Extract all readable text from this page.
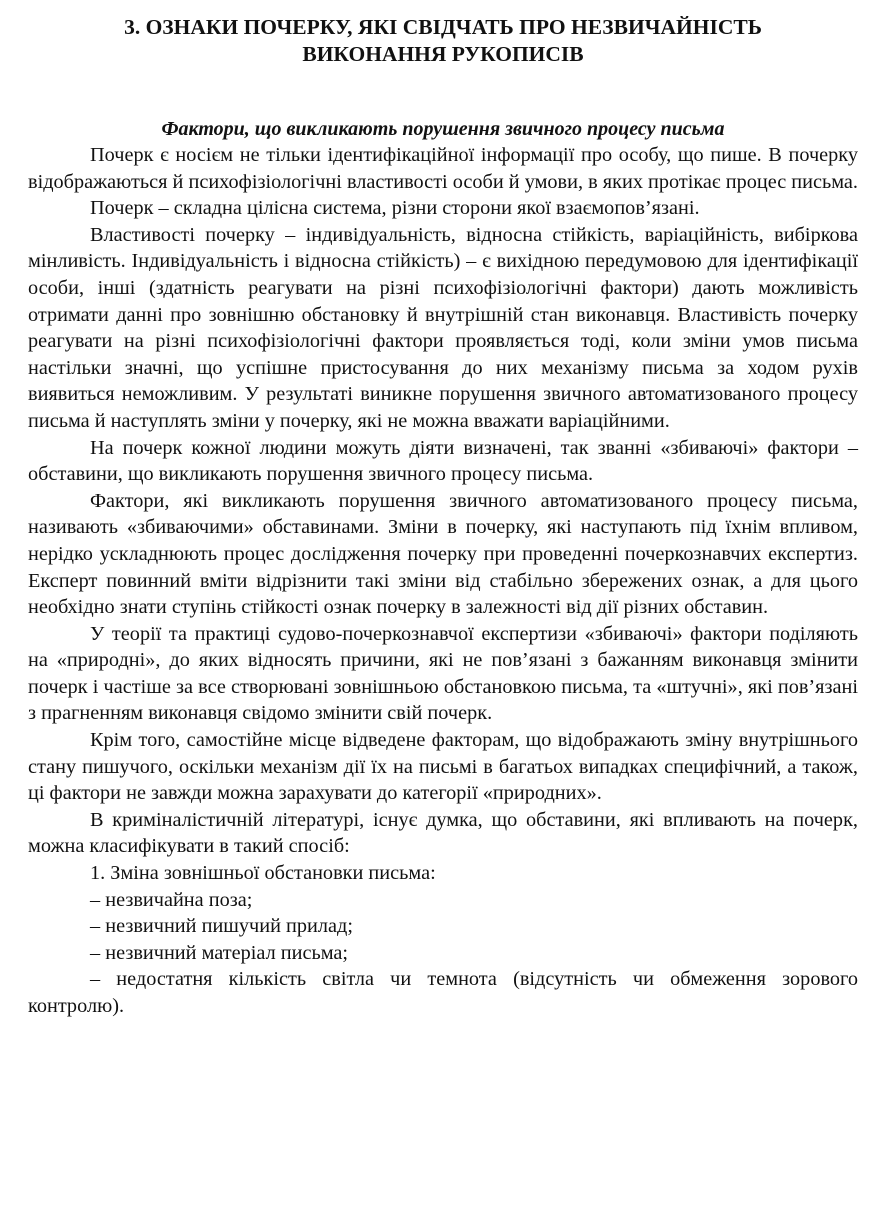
3. ОЗНАКИ ПОЧЕРКУ, ЯКІ СВІДЧАТЬ ПРО НЕЗВИЧАЙНІСТЬ

ВИКОНАННЯ РУКОПИСІВ

Фактори, що викликають порушення звичного процесу письма

Почерк є носієм не тільки ідентифікаційної інформації про особу, що пише. В почерку відображаються й психофізіологічні властивості особи й умови, в яких протікає процес письма.

Почерк – складна цілісна система, різни сторони якої взаємопов’язані.

Властивості почерку – індивідуальність, відносна стійкість, варіаційність, вибіркова мінливість. Індивідуальність і відносна стійкість) – є вихідною передумовою для ідентифікації особи, інші (здатність реагувати на різні психофізіологічні фактори) дають можливість отримати данні про зовнішню обстановку й внутрішній стан виконавця. Властивість почерку реагувати на різні психофізіологічні фактори проявляється тоді, коли зміни умов письма настільки значні, що успішне пристосування до них механізму письма за ходом рухів виявиться неможливим. У результаті виникне порушення звичного автоматизованого процесу письма й наступлять зміни у почерку, які не можна вважати варіаційними.

На почерк кожної людини можуть діяти визначені, так званні «збиваючі» фактори – обставини, що викликають порушення звичного процесу письма.

Фактори, які викликають порушення звичного автоматизованого процесу письма, називають «збиваючими» обставинами. Зміни в почерку, які наступають під їхнім впливом, нерідко ускладнюють процес дослідження почерку при проведенні почеркознавчих експертиз. Експерт повинний вміти відрізнити такі зміни від стабільно збережених ознак, а для цього необхідно знати ступінь стійкості ознак почерку в залежності від дії різних обставин.

У теорії та практиці судово-почеркознавчої експертизи «збиваючі» фактори поділяють на «природні», до яких відносять причини, які не пов’язані з бажанням виконавця змінити почерк і частіше за все створювані зовнішньою обстановкою письма, та «штучні», які пов’язані з прагненням виконавця свідомо змінити свій почерк.

Крім того, самостійне місце відведене факторам, що відображають зміну внутрішнього стану пишучого, оскільки механізм дії їх на письмі в багатьох випадках специфічний, а також, ці фактори не завжди можна зарахувати до категорії «природних».

В криміналістичній літературі, існує думка, що обставини, які впливають на почерк, можна класифікувати в такий спосіб:

1. Зміна зовнішньої обстановки письма:

– незвичайна поза;

– незвичний пишучий прилад;

– незвичний матеріал письма;

– недостатня кількість світла чи темнота (відсутність чи обмеження зорового контролю).
